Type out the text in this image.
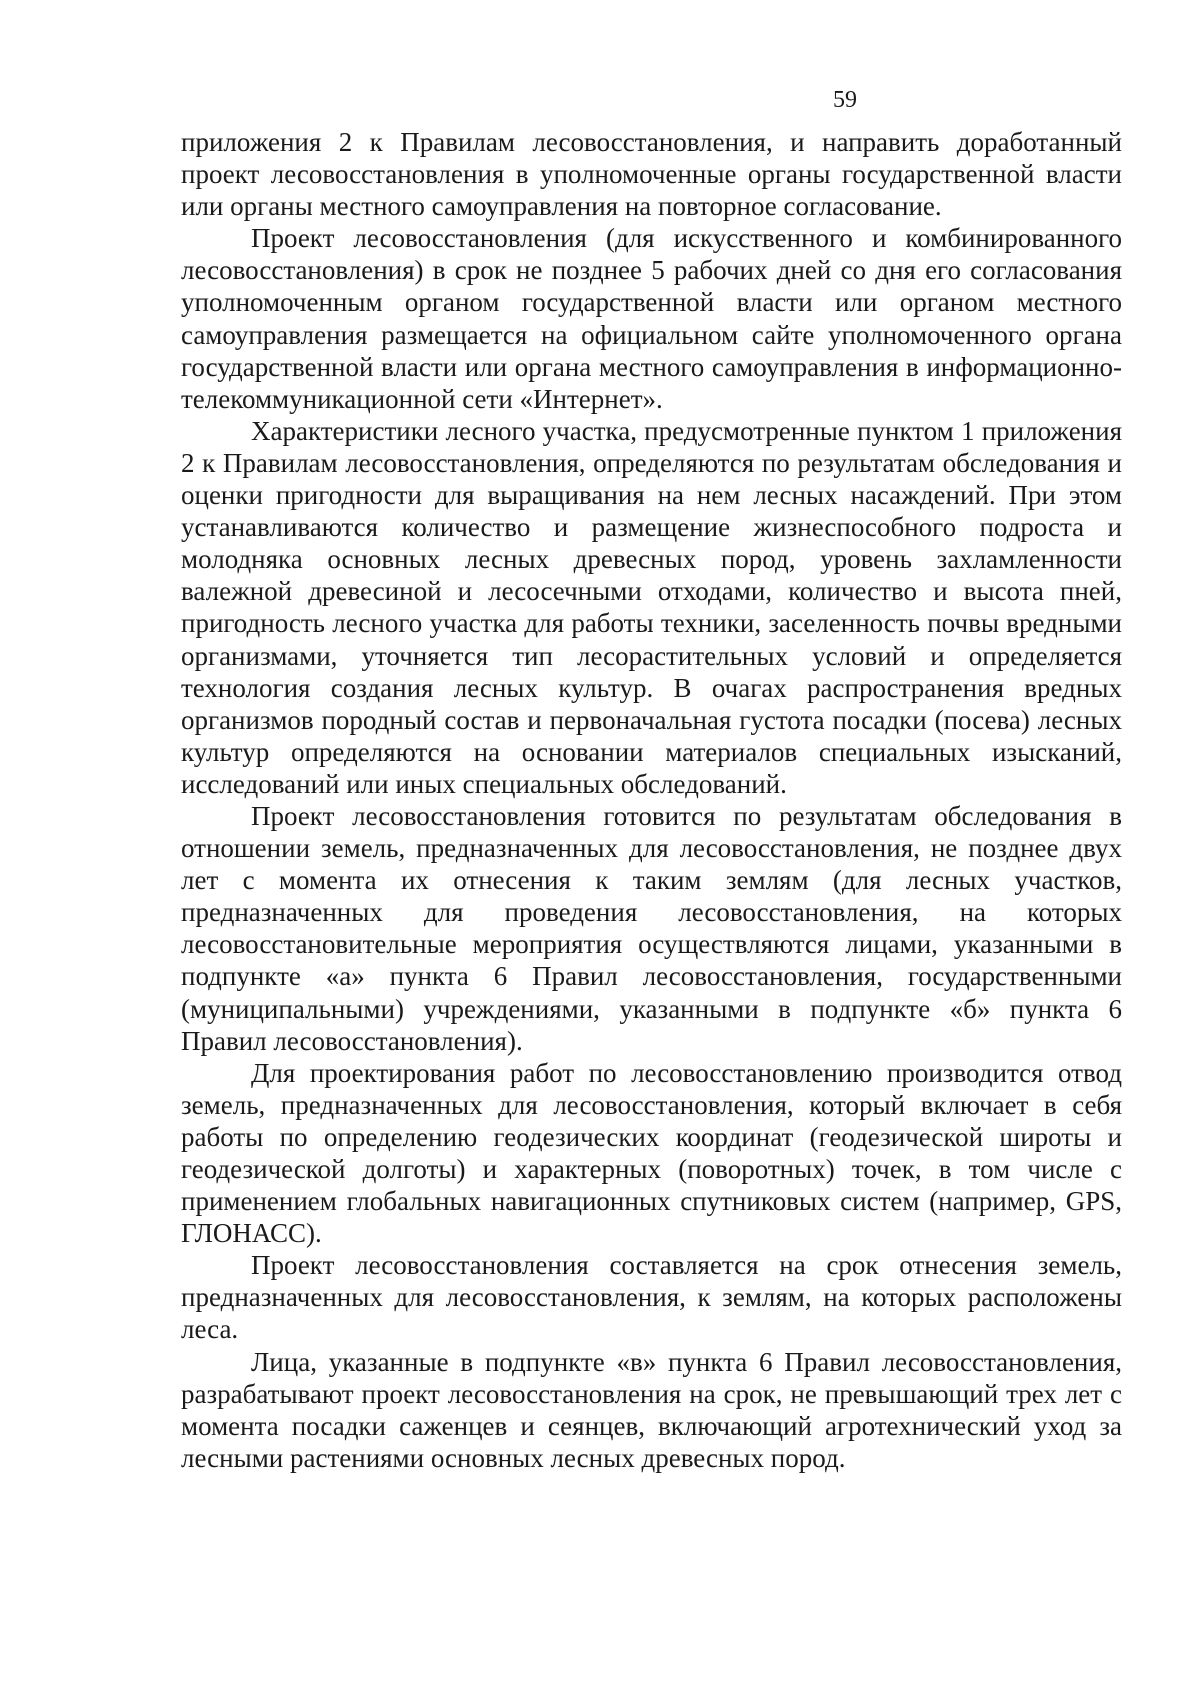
59

приложения 2 к Правилам лесовосстановления, и направить доработанный проект лесовосстановления в уполномоченные органы государственной власти или органы местного самоуправления на повторное согласование.

Проект лесовосстановления (для искусственного и комбинированного лесовосстановления) в срок не позднее 5 рабочих дней со дня его согласования уполномоченным органом государственной власти или органом местного самоуправления размещается на официальном сайте уполномоченного органа государственной власти или органа местного самоуправления в информационно-телекоммуникационной сети «Интернет».

Характеристики лесного участка, предусмотренные пунктом 1 приложения 2 к Правилам лесовосстановления, определяются по результатам обследования и оценки пригодности для выращивания на нем лесных насаждений. При этом устанавливаются количество и размещение жизнеспособного подроста и молодняка основных лесных древесных пород, уровень захламленности валежной древесиной и лесосечными отходами, количество и высота пней, пригодность лесного участка для работы техники, заселенность почвы вредными организмами, уточняется тип лесорастительных условий и определяется технология создания лесных культур. В очагах распространения вредных организмов породный состав и первоначальная густота посадки (посева) лесных культур определяются на основании материалов специальных изысканий, исследований или иных специальных обследований.

Проект лесовосстановления готовится по результатам обследования в отношении земель, предназначенных для лесовосстановления, не позднее двух лет с момента их отнесения к таким землям (для лесных участков, предназначенных для проведения лесовосстановления, на которых лесовосстановительные мероприятия осуществляются лицами, указанными в подпункте «а» пункта 6 Правил лесовосстановления, государственными (муниципальными) учреждениями, указанными в подпункте «б» пункта 6 Правил лесовосстановления).

Для проектирования работ по лесовосстановлению производится отвод земель, предназначенных для лесовосстановления, который включает в себя работы по определению геодезических координат (геодезической широты и геодезической долготы) и характерных (поворотных) точек, в том числе с применением глобальных навигационных спутниковых систем (например, GPS, ГЛОНАСС).

Проект лесовосстановления составляется на срок отнесения земель, предназначенных для лесовосстановления, к землям, на которых расположены леса.

Лица, указанные в подпункте «в» пункта 6 Правил лесовосстановления, разрабатывают проект лесовосстановления на срок, не превышающий трех лет с момента посадки саженцев и сеянцев, включающий агротехнический уход за лесными растениями основных лесных древесных пород.
